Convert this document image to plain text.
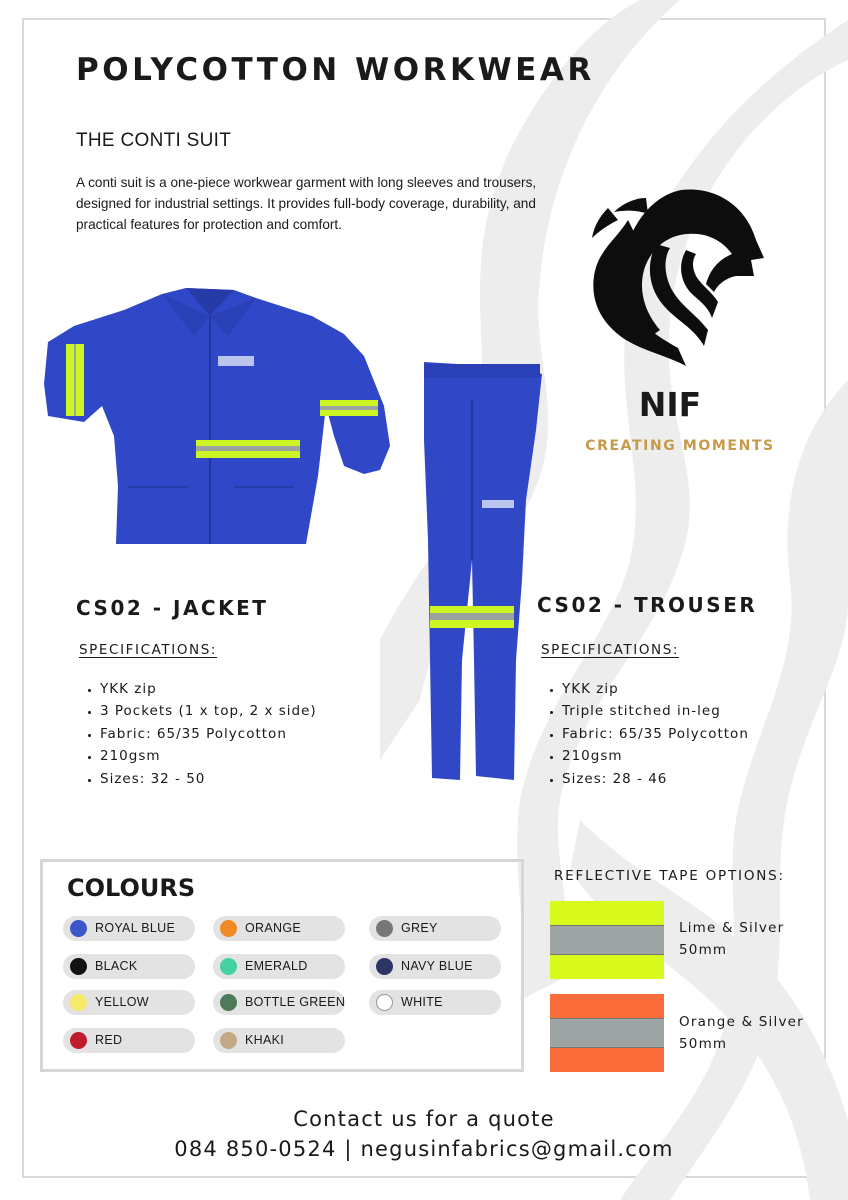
POLYCOTTON WORKWEAR
THE CONTI SUIT

A conti suit is a one-piece workwear garment with long sleeves and trousers, designed for industrial settings. It provides full-body coverage, durability, and practical features for protection and comfort.

NIF
CREATING MOMENTS
CS02 - JACKET
SPECIFICATIONS:
• YKK zip
• 3 Pockets (1 x top, 2 x side)
• Fabric: 65/35 Polycotton
• 210gsm
• Sizes: 32 - 50
CS02 - TROUSER
SPECIFICATIONS:
• YKK zip
• Triple stitched in-leg
• Fabric: 65/35 Polycotton
• 210gsm
• Sizes: 28 - 46
COLOURS
ROYAL BLUE	ORANGE	GREY
BLACK	EMERALD	NAVY BLUE
YELLOW	BOTTLE GREEN	WHITE
RED	KHAKI
REFLECTIVE TAPE OPTIONS:
Lime & Silver
50mm
Orange & Silver
50mm
Contact us for a quote
084 850-0524 | negusinfabrics@gmail.com
